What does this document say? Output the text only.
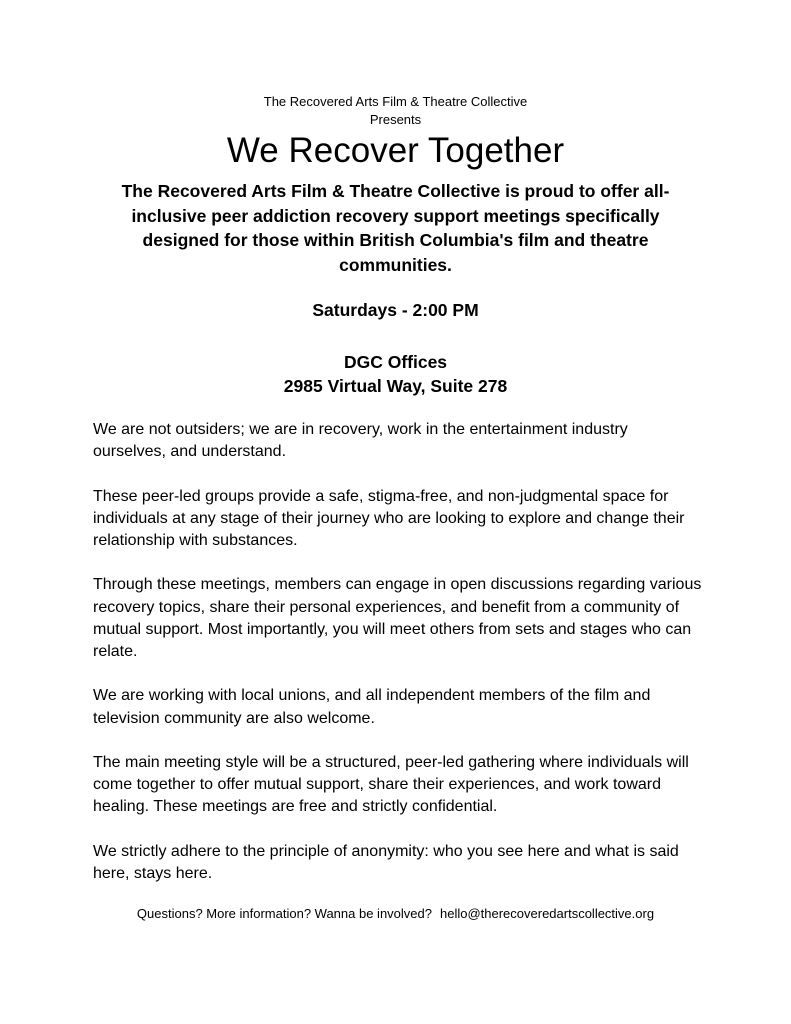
The Recovered Arts Film & Theatre Collective
Presents
We Recover Together

The Recovered Arts Film & Theatre Collective is proud to offer all-inclusive peer addiction recovery support meetings specifically designed for those within British Columbia's film and theatre communities.

Saturdays - 2:00 PM
DGC Offices
2985 Virtual Way, Suite 278

We are not outsiders; we are in recovery, work in the entertainment industry ourselves, and understand.

These peer-led groups provide a safe, stigma-free, and non-judgmental space for individuals at any stage of their journey who are looking to explore and change their relationship with substances.

Through these meetings, members can engage in open discussions regarding various recovery topics, share their personal experiences, and benefit from a community of mutual support. Most importantly, you will meet others from sets and stages who can relate.

We are working with local unions, and all independent members of the film and television community are also welcome.

The main meeting style will be a structured, peer-led gathering where individuals will come together to offer mutual support, share their experiences, and work toward healing. These meetings are free and strictly confidential.

We strictly adhere to the principle of anonymity: who you see here and what is said here, stays here.

Questions? More information? Wanna be involved? hello@therecoveredartscollective.org
